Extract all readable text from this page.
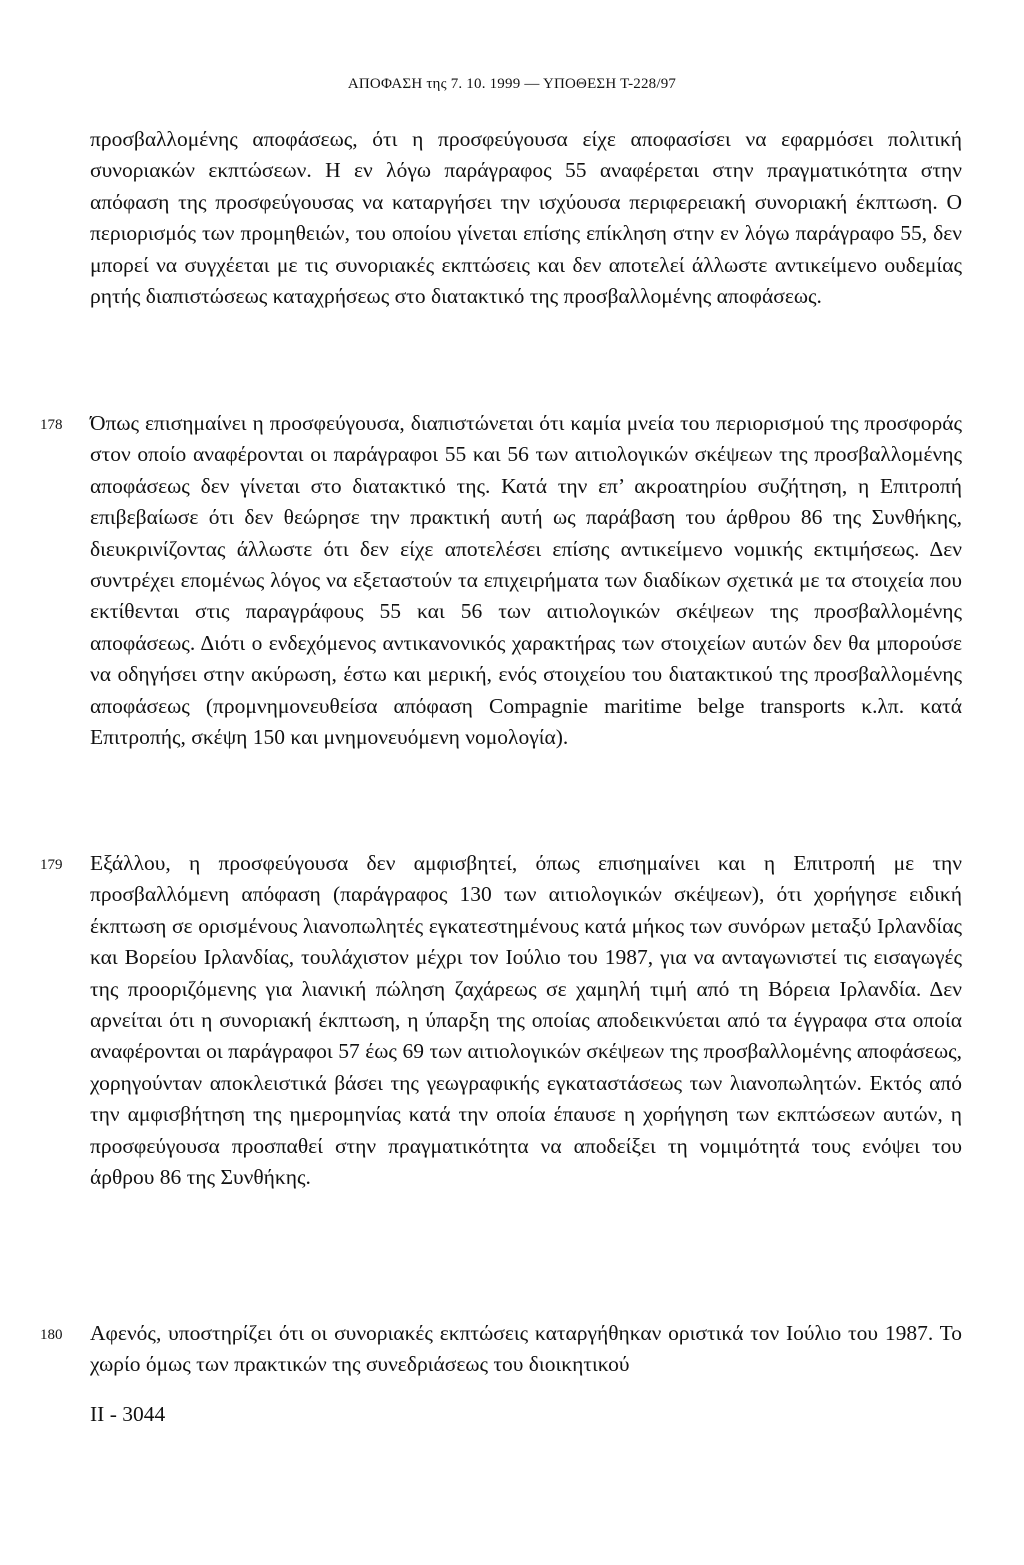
ΑΠΟΦΑΣΗ της 7. 10. 1999 — ΥΠΟΘΕΣΗ Τ-228/97

προσβαλλομένης αποφάσεως, ότι η προσφεύγουσα είχε αποφασίσει να εφαρμόσει πολιτική συνοριακών εκπτώσεων. Η εν λόγω παράγραφος 55 αναφέρεται στην πραγματικότητα στην απόφαση της προσφεύγουσας να καταργήσει την ισχύουσα περιφερειακή συνοριακή έκπτωση. Ο περιορισμός των προμηθειών, του οποίου γίνεται επίσης επίκληση στην εν λόγω παράγραφο 55, δεν μπορεί να συγχέεται με τις συνοριακές εκπτώσεις και δεν αποτελεί άλλωστε αντικείμενο ουδεμίας ρητής διαπιστώσεως καταχρήσεως στο διατακτικό της προσβαλλομένης αποφάσεως.

178 Όπως επισημαίνει η προσφεύγουσα, διαπιστώνεται ότι καμία μνεία του περιορισμού της προσφοράς στον οποίο αναφέρονται οι παράγραφοι 55 και 56 των αιτιολογικών σκέψεων της προσβαλλομένης αποφάσεως δεν γίνεται στο διατακτικό της. Κατά την επ’ ακροατηρίου συζήτηση, η Επιτροπή επιβεβαίωσε ότι δεν θεώρησε την πρακτική αυτή ως παράβαση του άρθρου 86 της Συνθήκης, διευκρινίζοντας άλλωστε ότι δεν είχε αποτελέσει επίσης αντικείμενο νομικής εκτιμήσεως. Δεν συντρέχει επομένως λόγος να εξεταστούν τα επιχειρήματα των διαδίκων σχετικά με τα στοιχεία που εκτίθενται στις παραγράφους 55 και 56 των αιτιολογικών σκέψεων της προσβαλλομένης αποφάσεως. Διότι ο ενδεχόμενος αντικανονικός χαρακτήρας των στοιχείων αυτών δεν θα μπορούσε να οδηγήσει στην ακύρωση, έστω και μερική, ενός στοιχείου του διατακτικού της προσβαλλομένης αποφάσεως (προμνημονευθείσα απόφαση Compagnie maritime belge transports κ.λπ. κατά Επιτροπής, σκέψη 150 και μνημονευόμενη νομολογία).

179 Εξάλλου, η προσφεύγουσα δεν αμφισβητεί, όπως επισημαίνει και η Επιτροπή με την προσβαλλόμενη απόφαση (παράγραφος 130 των αιτιολογικών σκέψεων), ότι χορήγησε ειδική έκπτωση σε ορισμένους λιανοπωλητές εγκατεστημένους κατά μήκος των συνόρων μεταξύ Ιρλανδίας και Βορείου Ιρλανδίας, τουλάχιστον μέχρι τον Ιούλιο του 1987, για να ανταγωνιστεί τις εισαγωγές της προοριζόμενης για λιανική πώληση ζαχάρεως σε χαμηλή τιμή από τη Βόρεια Ιρλανδία. Δεν αρνείται ότι η συνοριακή έκπτωση, η ύπαρξη της οποίας αποδεικνύεται από τα έγγραφα στα οποία αναφέρονται οι παράγραφοι 57 έως 69 των αιτιολογικών σκέψεων της προσβαλλομένης αποφάσεως, χορηγούνταν αποκλειστικά βάσει της γεωγραφικής εγκαταστάσεως των λιανοπωλητών. Εκτός από την αμφισβήτηση της ημερομηνίας κατά την οποία έπαυσε η χορήγηση των εκπτώσεων αυτών, η προσφεύγουσα προσπαθεί στην πραγματικότητα να αποδείξει τη νομιμότητά τους ενόψει του άρθρου 86 της Συνθήκης.

180 Αφενός, υποστηρίζει ότι οι συνοριακές εκπτώσεις καταργήθηκαν οριστικά τον Ιούλιο του 1987. Το χωρίο όμως των πρακτικών της συνεδριάσεως του διοικητικού

II - 3044
